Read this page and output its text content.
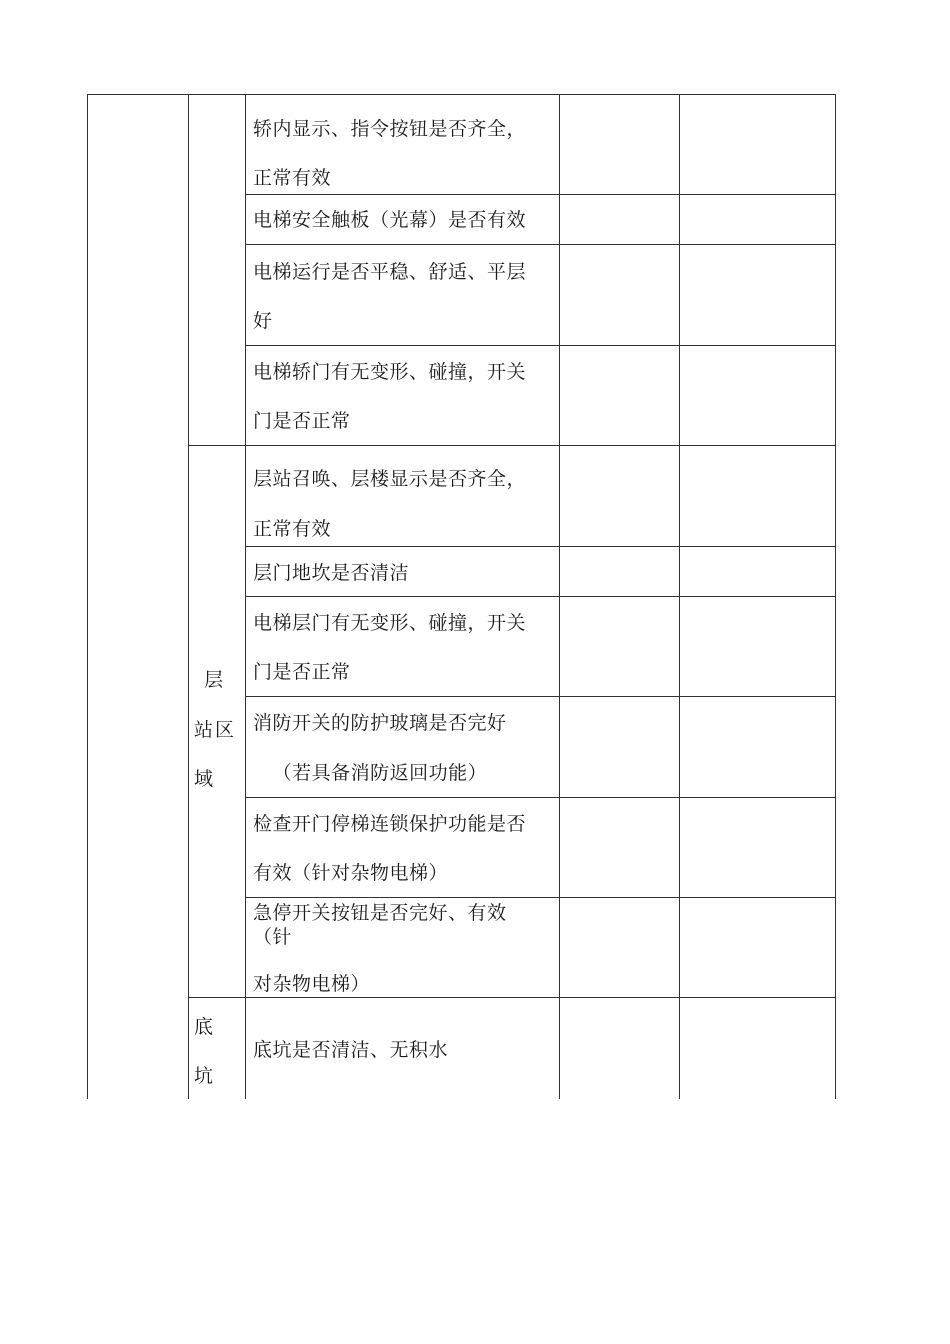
层
站区
域
底
坑
轿内显示、指令按钮是否齐全，
正常有效
电梯安全触板（光幕）是否有效
电梯运行是否平稳、舒适、平层
好
电梯轿门有无变形、碰撞，开关
门是否正常
层站召唤、层楼显示是否齐全，
正常有效
层门地坎是否清洁
电梯层门有无变形、碰撞，开关
门是否正常
消防开关的防护玻璃是否完好
（若具备消防返回功能）
检查开门停梯连锁保护功能是否
有效（针对杂物电梯）
急停开关按钮是否完好、有效
（针
对杂物电梯）
底坑是否清洁、无积水
